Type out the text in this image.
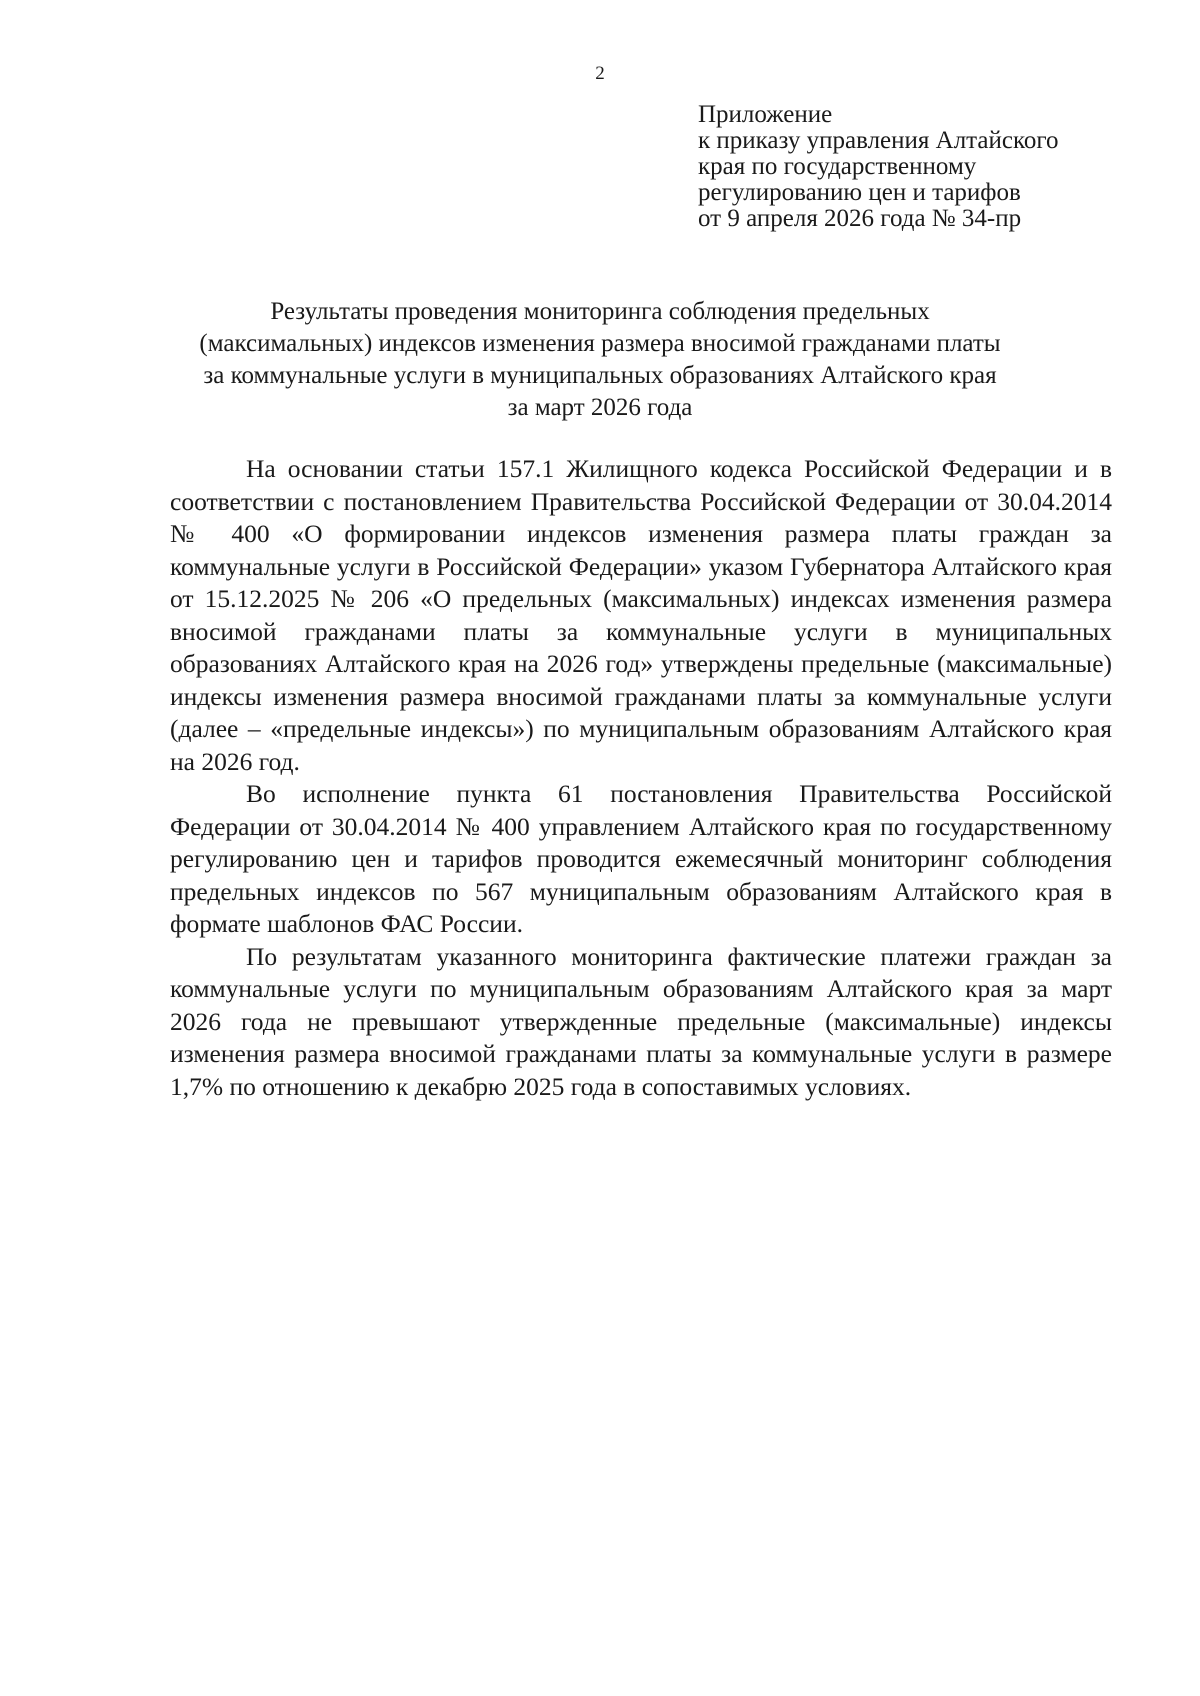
2
Приложение
к приказу управления Алтайского
края по государственному
регулированию цен и тарифов
от 9 апреля 2026 года № 34-пр
Результаты проведения мониторинга соблюдения предельных
(максимальных) индексов изменения размера вносимой гражданами платы
за коммунальные услуги в муниципальных образованиях Алтайского края
за март 2026 года

На основании статьи 157.1 Жилищного кодекса Российской Федерации и в соответствии с постановлением Правительства Российской Федерации от 30.04.2014 № 400 «О формировании индексов изменения размера платы граждан за коммунальные услуги в Российской Федерации» указом Губернатора Алтайского края от 15.12.2025 № 206 «О предельных (максимальных) индексах изменения размера вносимой гражданами платы за коммунальные услуги в муниципальных образованиях Алтайского края на 2026 год» утверждены предельные (максимальные) индексы изменения размера вносимой гражданами платы за коммунальные услуги (далее – «предельные индексы») по муниципальным образованиям Алтайского края на 2026 год.

Во исполнение пункта 61 постановления Правительства Российской Федерации от 30.04.2014 № 400 управлением Алтайского края по государственному регулированию цен и тарифов проводится ежемесячный мониторинг соблюдения предельных индексов по 567 муниципальным образованиям Алтайского края в формате шаблонов ФАС России.

По результатам указанного мониторинга фактические платежи граждан за коммунальные услуги по муниципальным образованиям Алтайского края за март 2026 года не превышают утвержденные предельные (максимальные) индексы изменения размера вносимой гражданами платы за коммунальные услуги в размере 1,7% по отношению к декабрю 2025 года в сопоставимых условиях.
